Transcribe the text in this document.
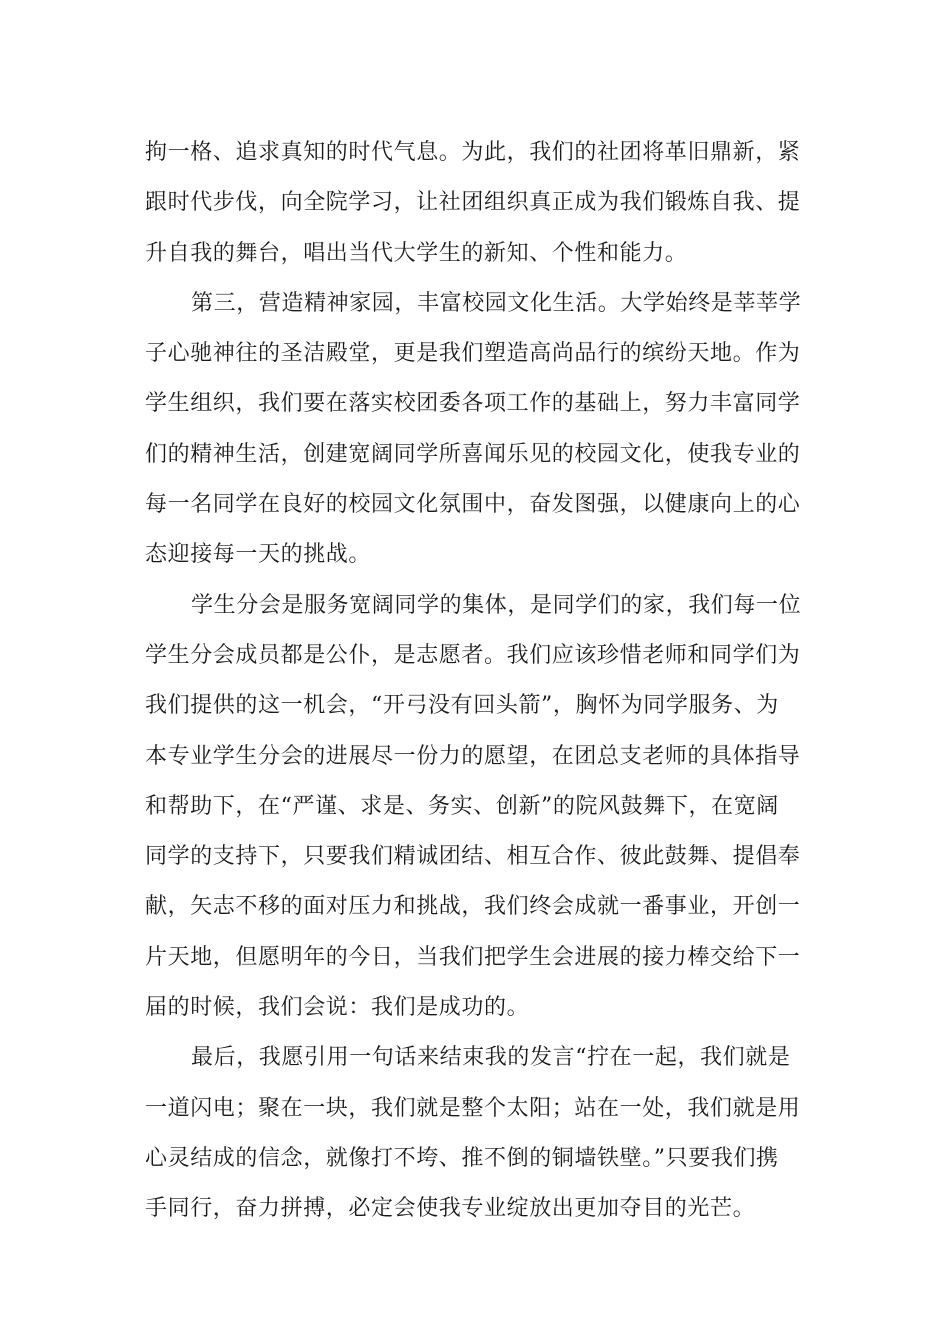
拘一格、追求真知的时代气息。为此，我们的社团将革旧鼎新，紧
跟时代步伐，向全院学习，让社团组织真正成为我们锻炼自我、提
升自我的舞台，唱出当代大学生的新知、个性和能力。
第三，营造精神家园，丰富校园文化生活。大学始终是莘莘学
子心驰神往的圣洁殿堂，更是我们塑造高尚品行的缤纷天地。作为
学生组织，我们要在落实校团委各项工作的基础上，努力丰富同学
们的精神生活，创建宽阔同学所喜闻乐见的校园文化，使我专业的
每一名同学在良好的校园文化氛围中，奋发图强，以健康向上的心
态迎接每一天的挑战。
学生分会是服务宽阔同学的集体，是同学们的家，我们每一位
学生分会成员都是公仆，是志愿者。我们应该珍惜老师和同学们为
我们提供的这一机会，“开弓没有回头箭”，胸怀为同学服务、为
本专业学生分会的进展尽一份力的愿望，在团总支老师的具体指导
和帮助下，在“严谨、求是、务实、创新”的院风鼓舞下，在宽阔
同学的支持下，只要我们精诚团结、相互合作、彼此鼓舞、提倡奉
献，矢志不移的面对压力和挑战，我们终会成就一番事业，开创一
片天地，但愿明年的今日，当我们把学生会进展的接力棒交给下一
届的时候，我们会说：我们是成功的。
最后，我愿引用一句话来结束我的发言“拧在一起，我们就是
一道闪电；聚在一块，我们就是整个太阳；站在一处，我们就是用
心灵结成的信念，就像打不垮、推不倒的铜墙铁壁。”只要我们携
手同行，奋力拼搏，必定会使我专业绽放出更加夺目的光芒。
